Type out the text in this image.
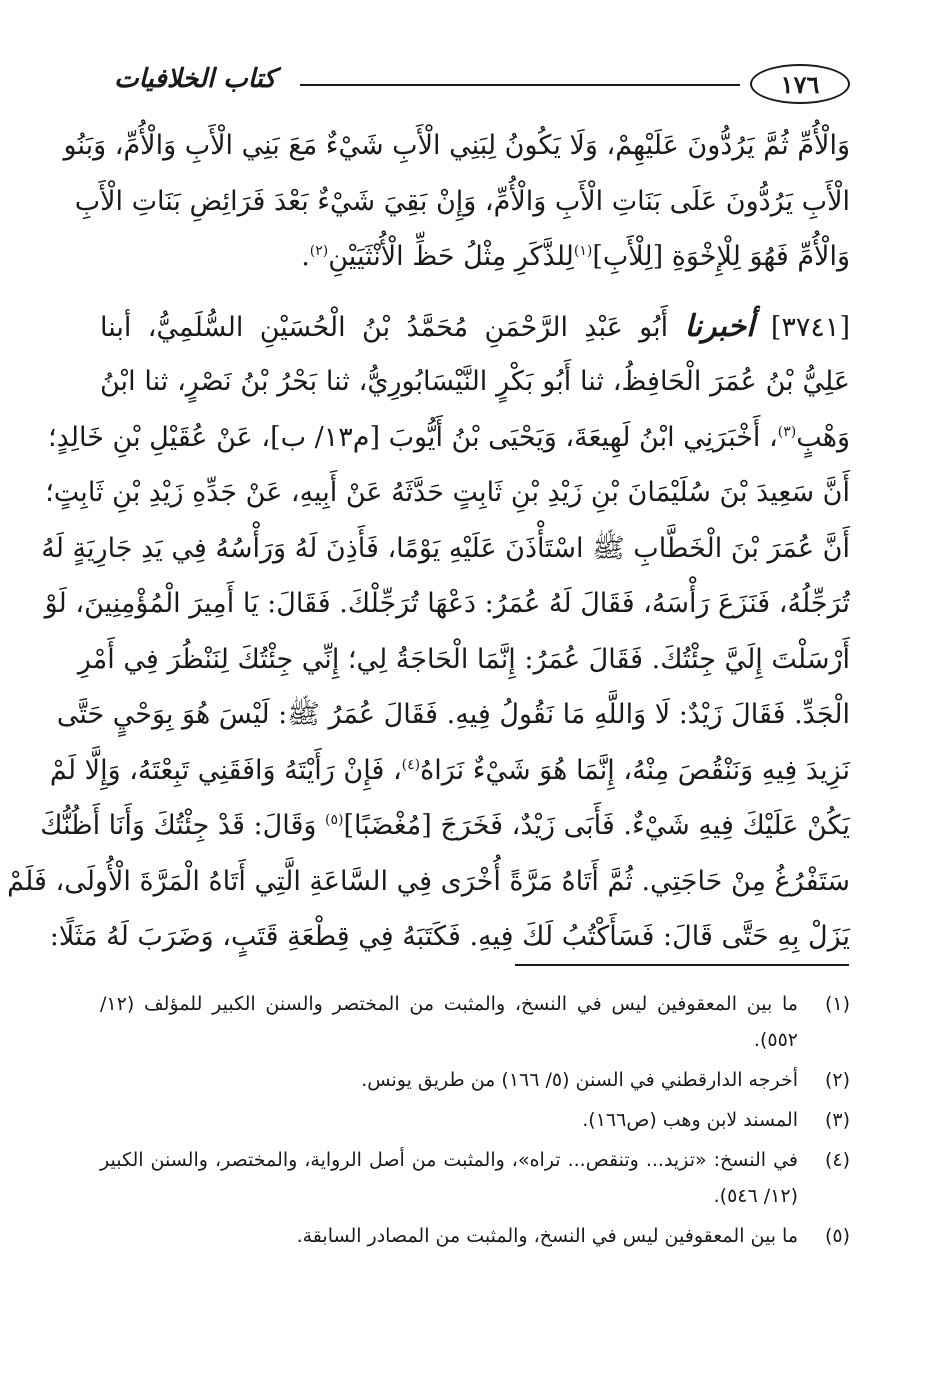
١٧٦
كتاب الخلافيات
وَالْأُمِّ ثُمَّ يَرُدُّونَ عَلَيْهِمْ، وَلَا يَكُونُ لِبَنِي الْأَبِ شَيْءٌ مَعَ بَنِي الْأَبِ وَالْأُمِّ، وَبَنُو
الْأَبِ يَرُدُّونَ عَلَى بَنَاتِ الْأَبِ وَالْأُمِّ، وَإِنْ بَقِيَ شَيْءٌ بَعْدَ فَرَائِضِ بَنَاتِ الْأَبِ
وَالْأُمِّ فَهُوَ لِلْإِخْوَةِ [لِلْأَبِ]$^{(١)}$لِلذَّكَرِ مِثْلُ حَظِّ الْأُنْثَيَيْنِ$^{(٢)}$.
[٣٧٤١] أخبرنا أَبُو عَبْدِ الرَّحْمَنِ مُحَمَّدُ بْنُ الْحُسَيْنِ السُّلَمِيُّ، أبنا
عَلِيُّ بْنُ عُمَرَ الْحَافِظُ، ثنا أَبُو بَكْرٍ النَّيْسَابُورِيُّ، ثنا بَحْرُ بْنُ نَصْرٍ، ثنا ابْنُ
وَهْبٍ$^{(٣)}$، أَخْبَرَنِي ابْنُ لَهِيعَةَ، وَيَحْيَى بْنُ أَيُّوبَ [م١٣/ ب]، عَنْ عُقَيْلِ بْنِ خَالِدٍ؛
أَنَّ سَعِيدَ بْنَ سُلَيْمَانَ بْنِ زَيْدِ بْنِ ثَابِتٍ حَدَّثَهُ عَنْ أَبِيهِ، عَنْ جَدِّهِ زَيْدِ بْنِ ثَابِتٍ؛
أَنَّ عُمَرَ بْنَ الْخَطَّابِ ﷺ اسْتَأْذَنَ عَلَيْهِ يَوْمًا، فَأَذِنَ لَهُ وَرَأْسُهُ فِي يَدِ جَارِيَةٍ لَهُ
تُرَجِّلُهُ، فَنَزَعَ رَأْسَهُ، فَقَالَ لَهُ عُمَرُ: دَعْهَا تُرَجِّلْكَ. فَقَالَ: يَا أَمِيرَ الْمُؤْمِنِينَ، لَوْ
أَرْسَلْتَ إِلَيَّ جِئْتُكَ. فَقَالَ عُمَرُ: إِنَّمَا الْحَاجَةُ لِي؛ إِنِّي جِئْتُكَ لِنَنْظُرَ فِي أَمْرِ
الْجَدِّ. فَقَالَ زَيْدٌ: لَا وَاللَّهِ مَا نَقُولُ فِيهِ. فَقَالَ عُمَرُ ﷺ: لَيْسَ هُوَ بِوَحْيٍ حَتَّى
نَزِيدَ فِيهِ وَنَنْقُصَ مِنْهُ، إِنَّمَا هُوَ شَيْءٌ نَرَاهُ$^{(٤)}$، فَإِنْ رَأَيْتَهُ وَافَقَنِي تَبِعْتَهُ، وَإِلَّا لَمْ
يَكُنْ عَلَيْكَ فِيهِ شَيْءٌ. فَأَبَى زَيْدٌ، فَخَرَجَ [مُغْضَبًا]$^{(٥)}$ وَقَالَ: قَدْ جِئْتُكَ وَأَنَا أَظُنُّكَ
سَتَفْرُغُ مِنْ حَاجَتِي. ثُمَّ أَتَاهُ مَرَّةً أُخْرَى فِي السَّاعَةِ الَّتِي أَتَاهُ الْمَرَّةَ الْأُولَى، فَلَمْ
يَزَلْ بِهِ حَتَّى قَالَ: فَسَأَكْتُبُ لَكَ فِيهِ. فَكَتَبَهُ فِي قِطْعَةِ قَتَبٍ، وَضَرَبَ لَهُ مَثَلًا:
(١)
ما بين المعقوفين ليس في النسخ، والمثبت من المختصر والسنن الكبير للمؤلف (١٢/ ٥٥٢).
(٢)
أخرجه الدارقطني في السنن (٥/ ١٦٦) من طريق يونس.
(٣)
المسند لابن وهب (ص١٦٦).
(٤)
في النسخ: «تزيد... وتنقص... تراه»، والمثبت من أصل الرواية، والمختصر، والسنن الكبير (١٢/ ٥٤٦).
(٥)
ما بين المعقوفين ليس في النسخ، والمثبت من المصادر السابقة.
